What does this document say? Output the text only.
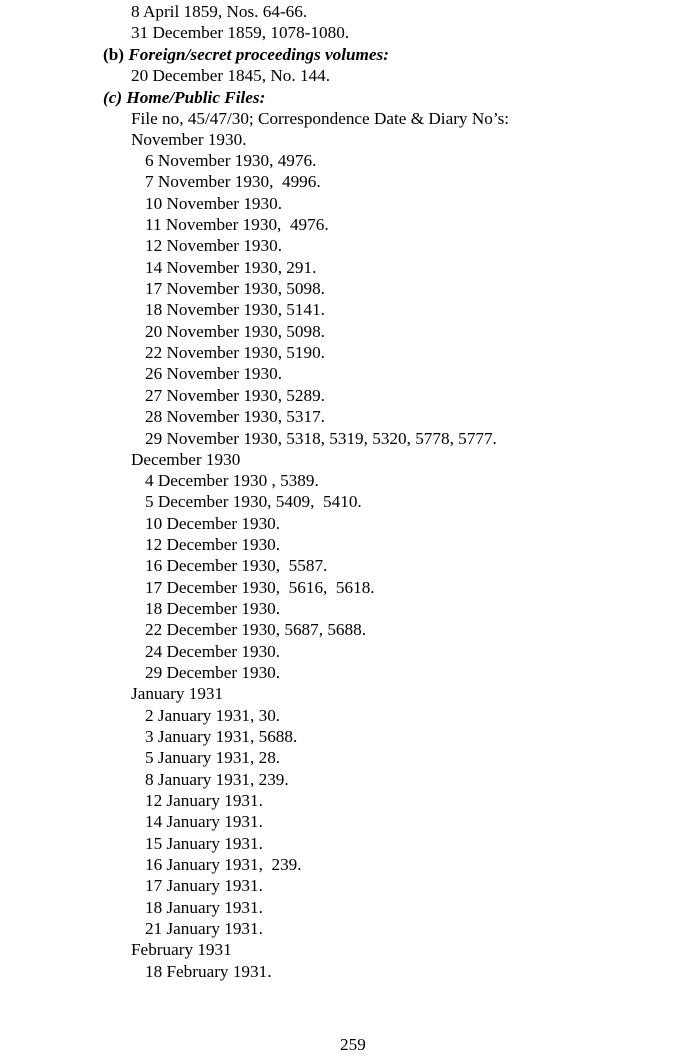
8 April 1859, Nos. 64-66.
31 December 1859, 1078-1080.
(b) Foreign/secret proceedings volumes:
20 December 1845, No. 144.
(c) Home/Public Files:
File no, 45/47/30; Correspondence Date & Diary No’s:
November 1930.
6 November 1930, 4976.
7 November 1930,  4996.
10 November 1930.
11 November 1930,  4976.
12 November 1930.
14 November 1930, 291.
17 November 1930, 5098.
18 November 1930, 5141.
20 November 1930, 5098.
22 November 1930, 5190.
26 November 1930.
27 November 1930, 5289.
28 November 1930, 5317.
29 November 1930, 5318, 5319, 5320, 5778, 5777.
December 1930
4 December 1930 , 5389.
5 December 1930, 5409,  5410.
10 December 1930.
12 December 1930.
16 December 1930,  5587.
17 December 1930,  5616,  5618.
18 December 1930.
22 December 1930, 5687, 5688.
24 December 1930.
29 December 1930.
January 1931
2 January 1931, 30.
3 January 1931, 5688.
5 January 1931, 28.
8 January 1931, 239.
12 January 1931.
14 January 1931.
15 January 1931.
16 January 1931,  239.
17 January 1931.
18 January 1931.
21 January 1931.
February 1931
18 February 1931.
259
